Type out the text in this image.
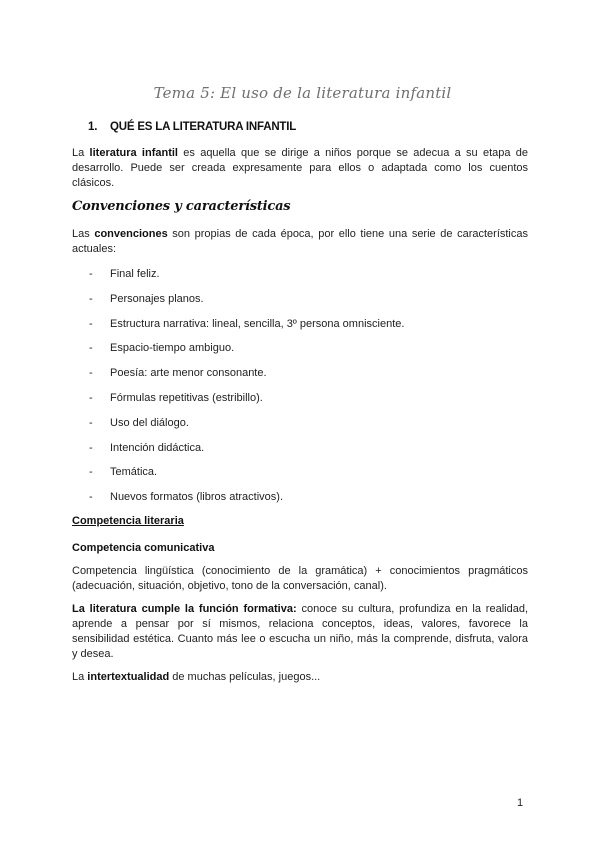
Tema 5: El uso de la literatura infantil
1. QUÉ ES LA LITERATURA INFANTIL

La literatura infantil es aquella que se dirige a niños porque se adecua a su etapa de desarrollo. Puede ser creada expresamente para ellos o adaptada como los cuentos clásicos.

Convenciones y características

Las convenciones son propias de cada época, por ello tiene una serie de características actuales:

-	Final feliz.
-	Personajes planos.
-	Estructura narrativa: lineal, sencilla, 3º persona omnisciente.
-	Espacio-tiempo ambiguo.
-	Poesía: arte menor consonante.
-	Fórmulas repetitivas (estribillo).
-	Uso del diálogo.
-	Intención didáctica.
-	Temática.
-	Nuevos formatos (libros atractivos).
Competencia literaria
Competencia comunicativa

Competencia lingüística (conocimiento de la gramática) + conocimientos pragmáticos (adecuación, situación, objetivo, tono de la conversación, canal).

La literatura cumple la función formativa: conoce su cultura, profundiza en la realidad, aprende a pensar por sí mismos, relaciona conceptos, ideas, valores, favorece la sensibilidad estética. Cuanto más lee o escucha un niño, más la comprende, disfruta, valora y desea.

La intertextualidad de muchas películas, juegos...

1
